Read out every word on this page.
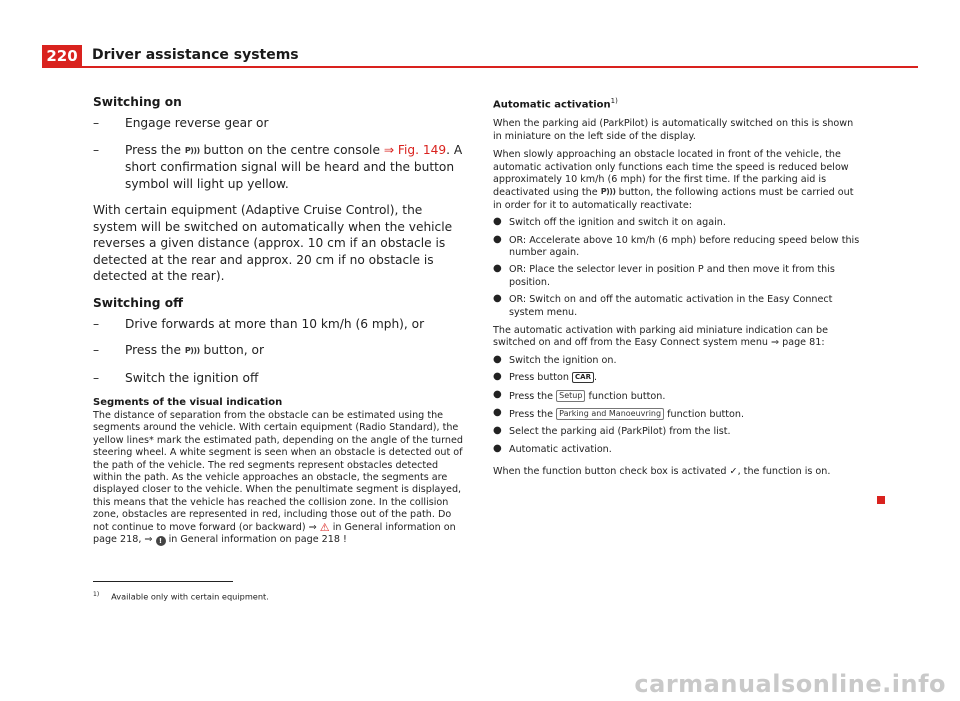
220	Driver assistance systems
Switching on
– Engage reverse gear or
– Press the P))) button on the centre console ⇒ Fig. 149. A short confirmation signal will be heard and the button symbol will light up yellow.
With certain equipment (Adaptive Cruise Control), the system will be switched on automatically when the vehicle reverses a given distance (approx. 10 cm if an obstacle is detected at the rear and approx. 20 cm if no obstacle is detected at the rear).
Switching off
– Drive forwards at more than 10 km/h (6 mph), or
– Press the P))) button, or
– Switch the ignition off
Segments of the visual indication
The distance of separation from the obstacle can be estimated using the segments around the vehicle. With certain equipment (Radio Standard), the yellow lines* mark the estimated path, depending on the angle of the turned steering wheel. A white segment is seen when an obstacle is detected out of the path of the vehicle. The red segments represent obstacles detected within the path. As the vehicle approaches an obstacle, the segments are displayed closer to the vehicle. When the penultimate segment is displayed, this means that the vehicle has reached the collision zone. In the collision zone, obstacles are represented in red, including those out of the path. Do not continue to move forward (or backward) ⇒ ⚠ in General information on page 218, ⇒ ! in General information on page 218 !
Automatic activation$^{1)}$
When the parking aid (ParkPilot) is automatically switched on this is shown in miniature on the left side of the display.
When slowly approaching an obstacle located in front of the vehicle, the automatic activation only functions each time the speed is reduced below approximately 10 km/h (6 mph) for the first time. If the parking aid is deactivated using the P))) button, the following actions must be carried out in order for it to automatically reactivate:
● Switch off the ignition and switch it on again.
● OR: Accelerate above 10 km/h (6 mph) before reducing speed below this number again.
● OR: Place the selector lever in position P and then move it from this position.
● OR: Switch on and off the automatic activation in the Easy Connect system menu.
The automatic activation with parking aid miniature indication can be switched on and off from the Easy Connect system menu ⇒ page 81:
● Switch the ignition on.
● Press button CAR .
● Press the Setup function button.
● Press the Parking and Manoeuvring function button.
● Select the parking aid (ParkPilot) from the list.
● Automatic activation.
When the function button check box is activated ✓, the function is on.
$^{1)}$ Available only with certain equipment.
carmanualsonline.info
